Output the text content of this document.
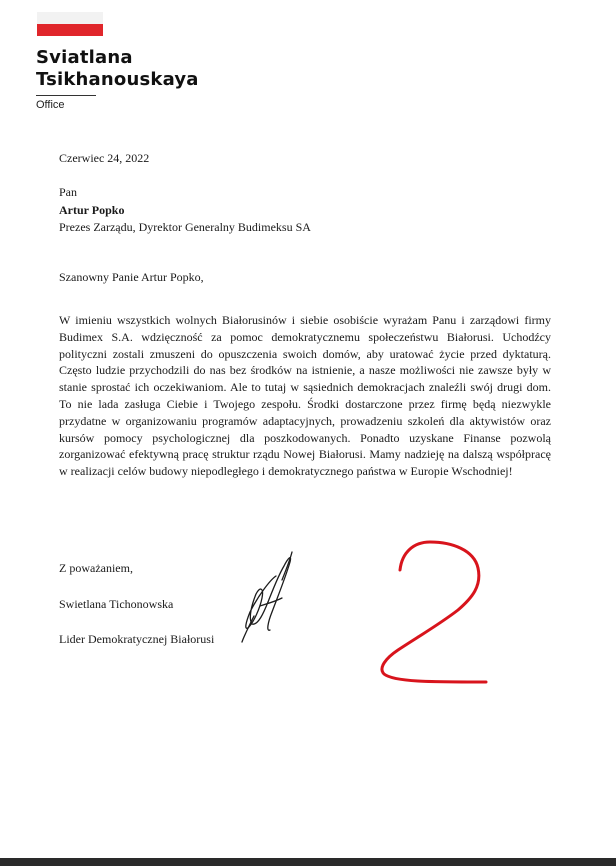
Sviatlana
Tsikhanouskaya
Office
Czerwiec 24, 2022
Pan
Artur Popko
Prezes Zarządu, Dyrektor Generalny Budimeksu SA
Szanowny Panie Artur Popko,
W imieniu wszystkich wolnych Białorusinów i siebie osobiście wyrażam Panu i zarządowi firmy Budimex S.A. wdzięczność za pomoc demokratycznemu społeczeństwu Białorusi. Uchodźcy polityczni zostali zmuszeni do opuszczenia swoich domów, aby uratować życie przed dyktaturą. Często ludzie przychodzili do nas bez środków na istnienie, a nasze możliwości nie zawsze były w stanie sprostać ich oczekiwaniom. Ale to tutaj w sąsiednich demokracjach znaleźli swój drugi dom. To nie lada zasługa Ciebie i Twojego zespołu. Środki dostarczone przez firmę będą niezwykle przydatne w organizowaniu programów adaptacyjnych, prowadzeniu szkoleń dla aktywistów oraz kursów pomocy psychologicznej dla poszkodowanych. Ponadto uzyskane Finanse pozwolą zorganizować efektywną pracę struktur rządu Nowej Białorusi. Mamy nadzieję na dalszą współpracę w realizacji celów budowy niepodległego i demokratycznego państwa w Europie Wschodniej!
Z poważaniem,
Swietlana Tichonowska
Lider Demokratycznej Białorusi
